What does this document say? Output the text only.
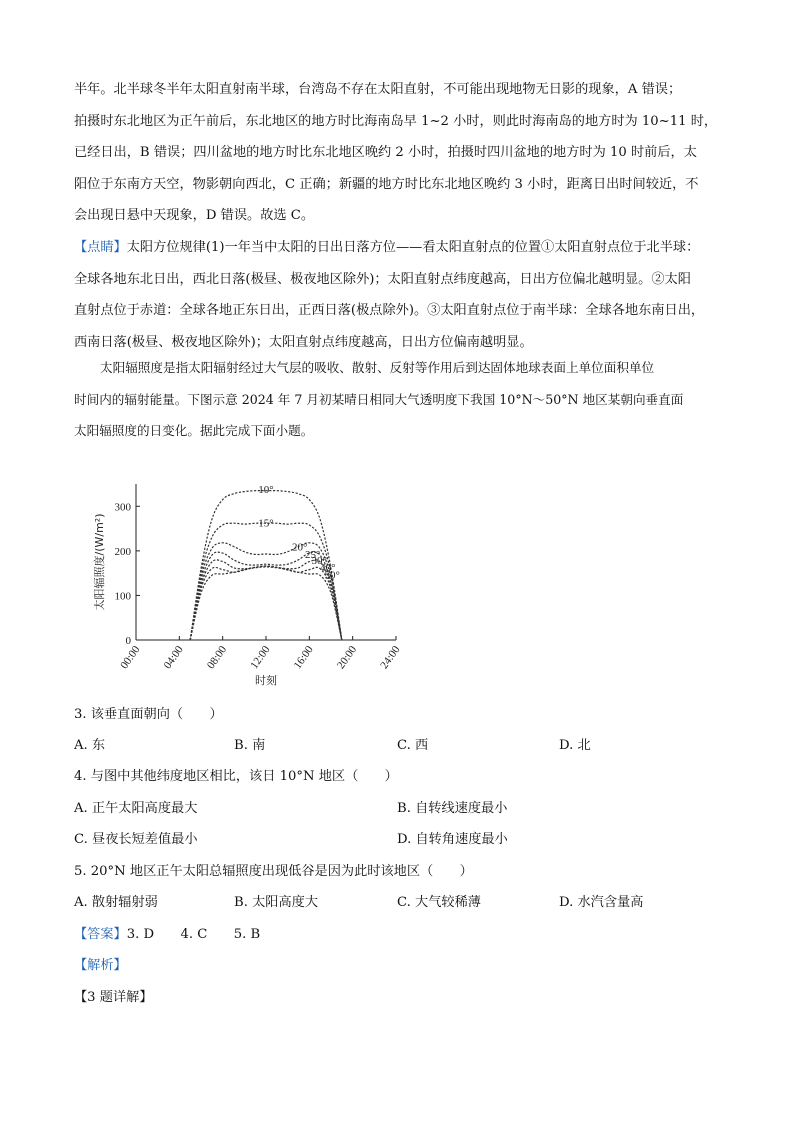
半年。北半球冬半年太阳直射南半球，台湾岛不存在太阳直射，不可能出现地物无日影的现象，A 错误；
拍摄时东北地区为正午前后，东北地区的地方时比海南岛早 1~2 小时，则此时海南岛的地方时为 10~11 时，
已经日出，B 错误；四川盆地的地方时比东北地区晚约 2 小时，拍摄时四川盆地的地方时为 10 时前后，太
阳位于东南方天空，物影朝向西北，C 正确；新疆的地方时比东北地区晚约 3 小时，距离日出时间较近，不
会出现日悬中天现象，D 错误。故选 C。
【点睛】太阳方位规律(1)一年当中太阳的日出日落方位——看太阳直射点的位置①太阳直射点位于北半球：
全球各地东北日出，西北日落(极昼、极夜地区除外)；太阳直射点纬度越高，日出方位偏北越明显。②太阳
直射点位于赤道：全球各地正东日出，正西日落(极点除外)。③太阳直射点位于南半球：全球各地东南日出，
西南日落(极昼、极夜地区除外)；太阳直射点纬度越高，日出方位偏南越明显。
太阳辐照度是指太阳辐射经过大气层的吸收、散射、反射等作用后到达固体地球表面上单位面积单位
时间内的辐射能量。下图示意 2024 年 7 月初某晴日相同大气透明度下我国 10°N～50°N 地区某朝向垂直面
太阳辐照度的日变化。据此完成下面小题。
0
100
200
300
00:00 04:00 08:00 12:00 16:00 20:00 24:00
太阳辐照度/(W/m²)
时刻
10°
15°
20°
25°
30°
40°
50°
3. 该垂直面朝向（　　）
A. 东	B. 南	C. 西	D. 北
4. 与图中其他纬度地区相比，该日 10°N 地区（　　）
A. 正午太阳高度最大	B. 自转线速度最小
C. 昼夜长短差值最小	D. 自转角速度最小
5. 20°N 地区正午太阳总辐照度出现低谷是因为此时该地区（　　）
A. 散射辐射弱	B. 太阳高度大	C. 大气较稀薄	D. 水汽含量高
【答案】3. D　　4. C　　5. B
【解析】
【3 题详解】
